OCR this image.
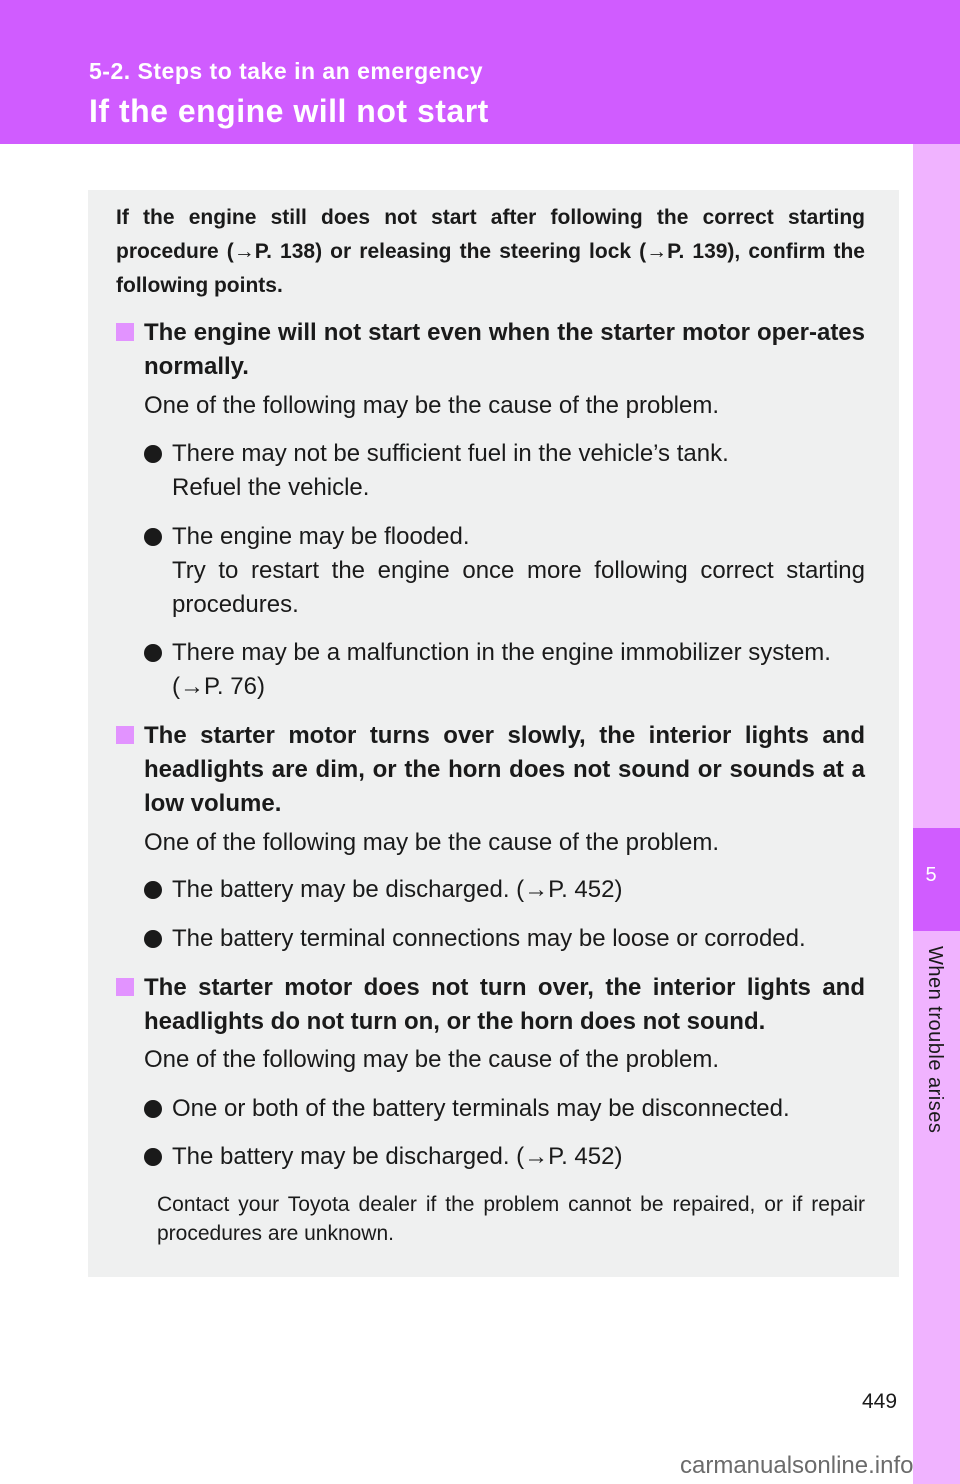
5-2. Steps to take in an emergency
If the engine will not start
5
When trouble arises
If the engine still does not start after following the correct starting procedure (→P. 138) or releasing the steering lock (→P. 139), confirm the following points.
The engine will not start even when the starter motor oper-ates normally.
One of the following may be the cause of the problem.
There may not be sufficient fuel in the vehicle’s tank.
Refuel the vehicle.
The engine may be flooded.
Try to restart the engine once more following correct starting procedures.
There may be a malfunction in the engine immobilizer system.
(→P. 76)
The starter motor turns over slowly, the interior lights and headlights are dim, or the horn does not sound or sounds at a low volume.
One of the following may be the cause of the problem.
The battery may be discharged. (→P. 452)
The battery terminal connections may be loose or corroded.
The starter motor does not turn over, the interior lights and headlights do not turn on, or the horn does not sound.
One of the following may be the cause of the problem.
One or both of the battery terminals may be disconnected.
The battery may be discharged. (→P. 452)
Contact your Toyota dealer if the problem cannot be repaired, or if repair procedures are unknown.
449
carmanualsonline.info
